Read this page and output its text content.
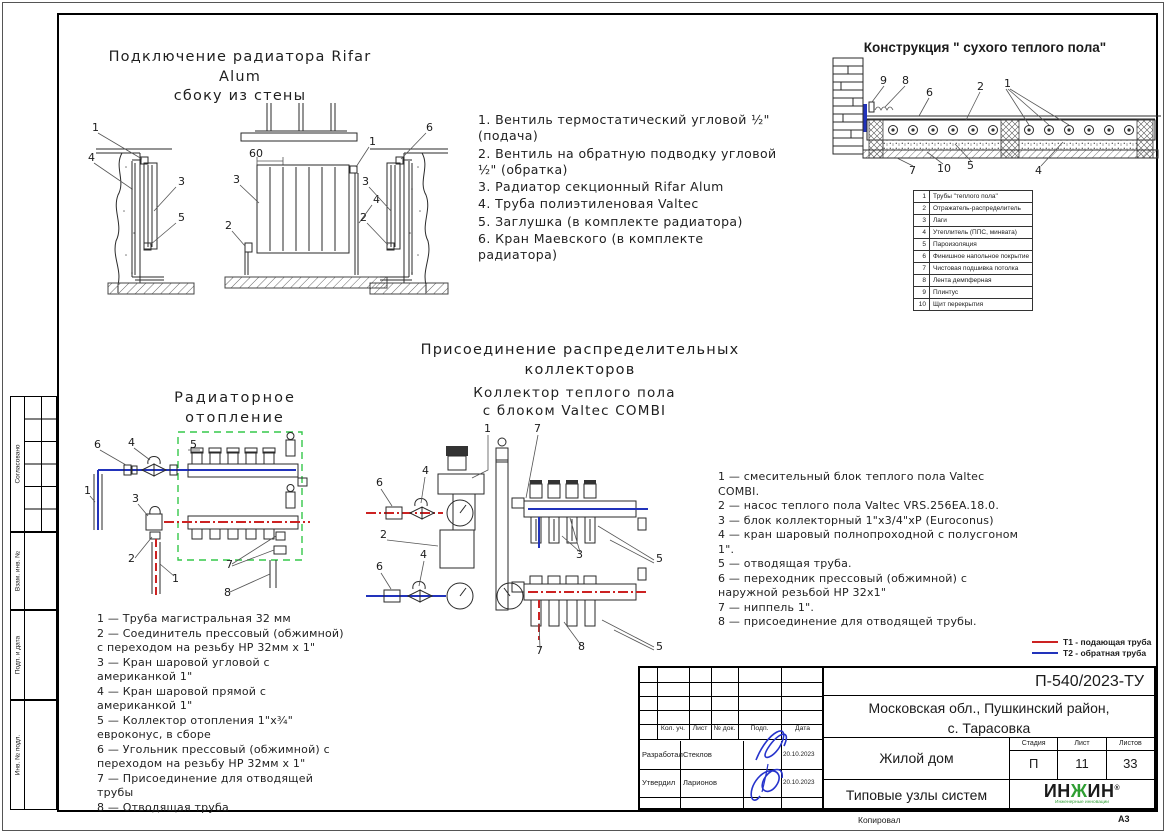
Согласовано
Взам. инв. №
Подп. и дата
Инв. № подл.
Подключение радиатора Rifar Alum
сбоку из стены
Конструкция " сухого теплого пола"
Присоединение распределительных коллекторов
Радиаторное отопление
Коллектор теплого пола
с блоком Valtec COMBI
1
4
3
5
60
1
3
4
2
6
3
2
1. Вентиль термостатический угловой ½" (подача)
2. Вентиль на обратную подводку угловой ½" (обратка)
3. Радиатор секционный Rifar Alum
4. Труба полиэтиленовая Valtec
5. Заглушка (в комплекте радиатора)
6. Кран Маевского (в комплекте радиатора)
9 8
6	2 1
7 10 5	4
1	Трубы "теплого пола"
2	Отражатель-распределитель
3	Лаги
4	Утеплитель (ППС, минвата)
5	Пароизоляция
6	Финишное напольное покрытие
7	Чистовая подшивка потолка
8	Лента демпферная
9	Плинтус
10	Щит перекрытия
6 4	5
1
3
2
1
7
8
1 — Труба магистральная 32 мм
2 — Соединитель прессовый (обжимной) с переходом на резьбу НР 32мм х 1"
3 — Кран шаровой угловой с американкой 1"
4 — Кран шаровой прямой с американкой 1"
5 — Коллектор отопления 1"х¾" евроконус, в сборе
6 — Угольник прессовый (обжимной) с переходом на резьбу НР 32мм х 1"
7 — Присоединение для отводящей трубы
8 — Отводящая труба
1	7
4
6
2
4
6
3	5
5
7	8
1 — смесительный блок теплого пола Valtec COMBI.
2 — насос теплого пола Valtec VRS.256EA.18.0.
3 — блок коллекторный 1"х3/4"хР (Euroconus)
4 — кран шаровый полнопроходной с полусгоном 1".
5 — отводящая труба.
6 — переходник прессовый (обжимной) с наружной резьбой НР 32х1"
7 — ниппель 1".
8 — присоединение для отводящей трубы.
Т1 - подающая труба
Т2 - обратная труба
Кол. уч.	Лист № док.	Подп.	Дата
Разработал Стеклов	20.10.2023
Утвердил Ларионов	20.10.2023
П-540/2023-ТУ
Московская обл., Пушкинский район,
с. Тарасовка
Жилой дом
Стадия	Лист	Листов
П	11	33
Типовые узлы систем	ИНЖИН®
Инженерные инновации
Копировал	А3
